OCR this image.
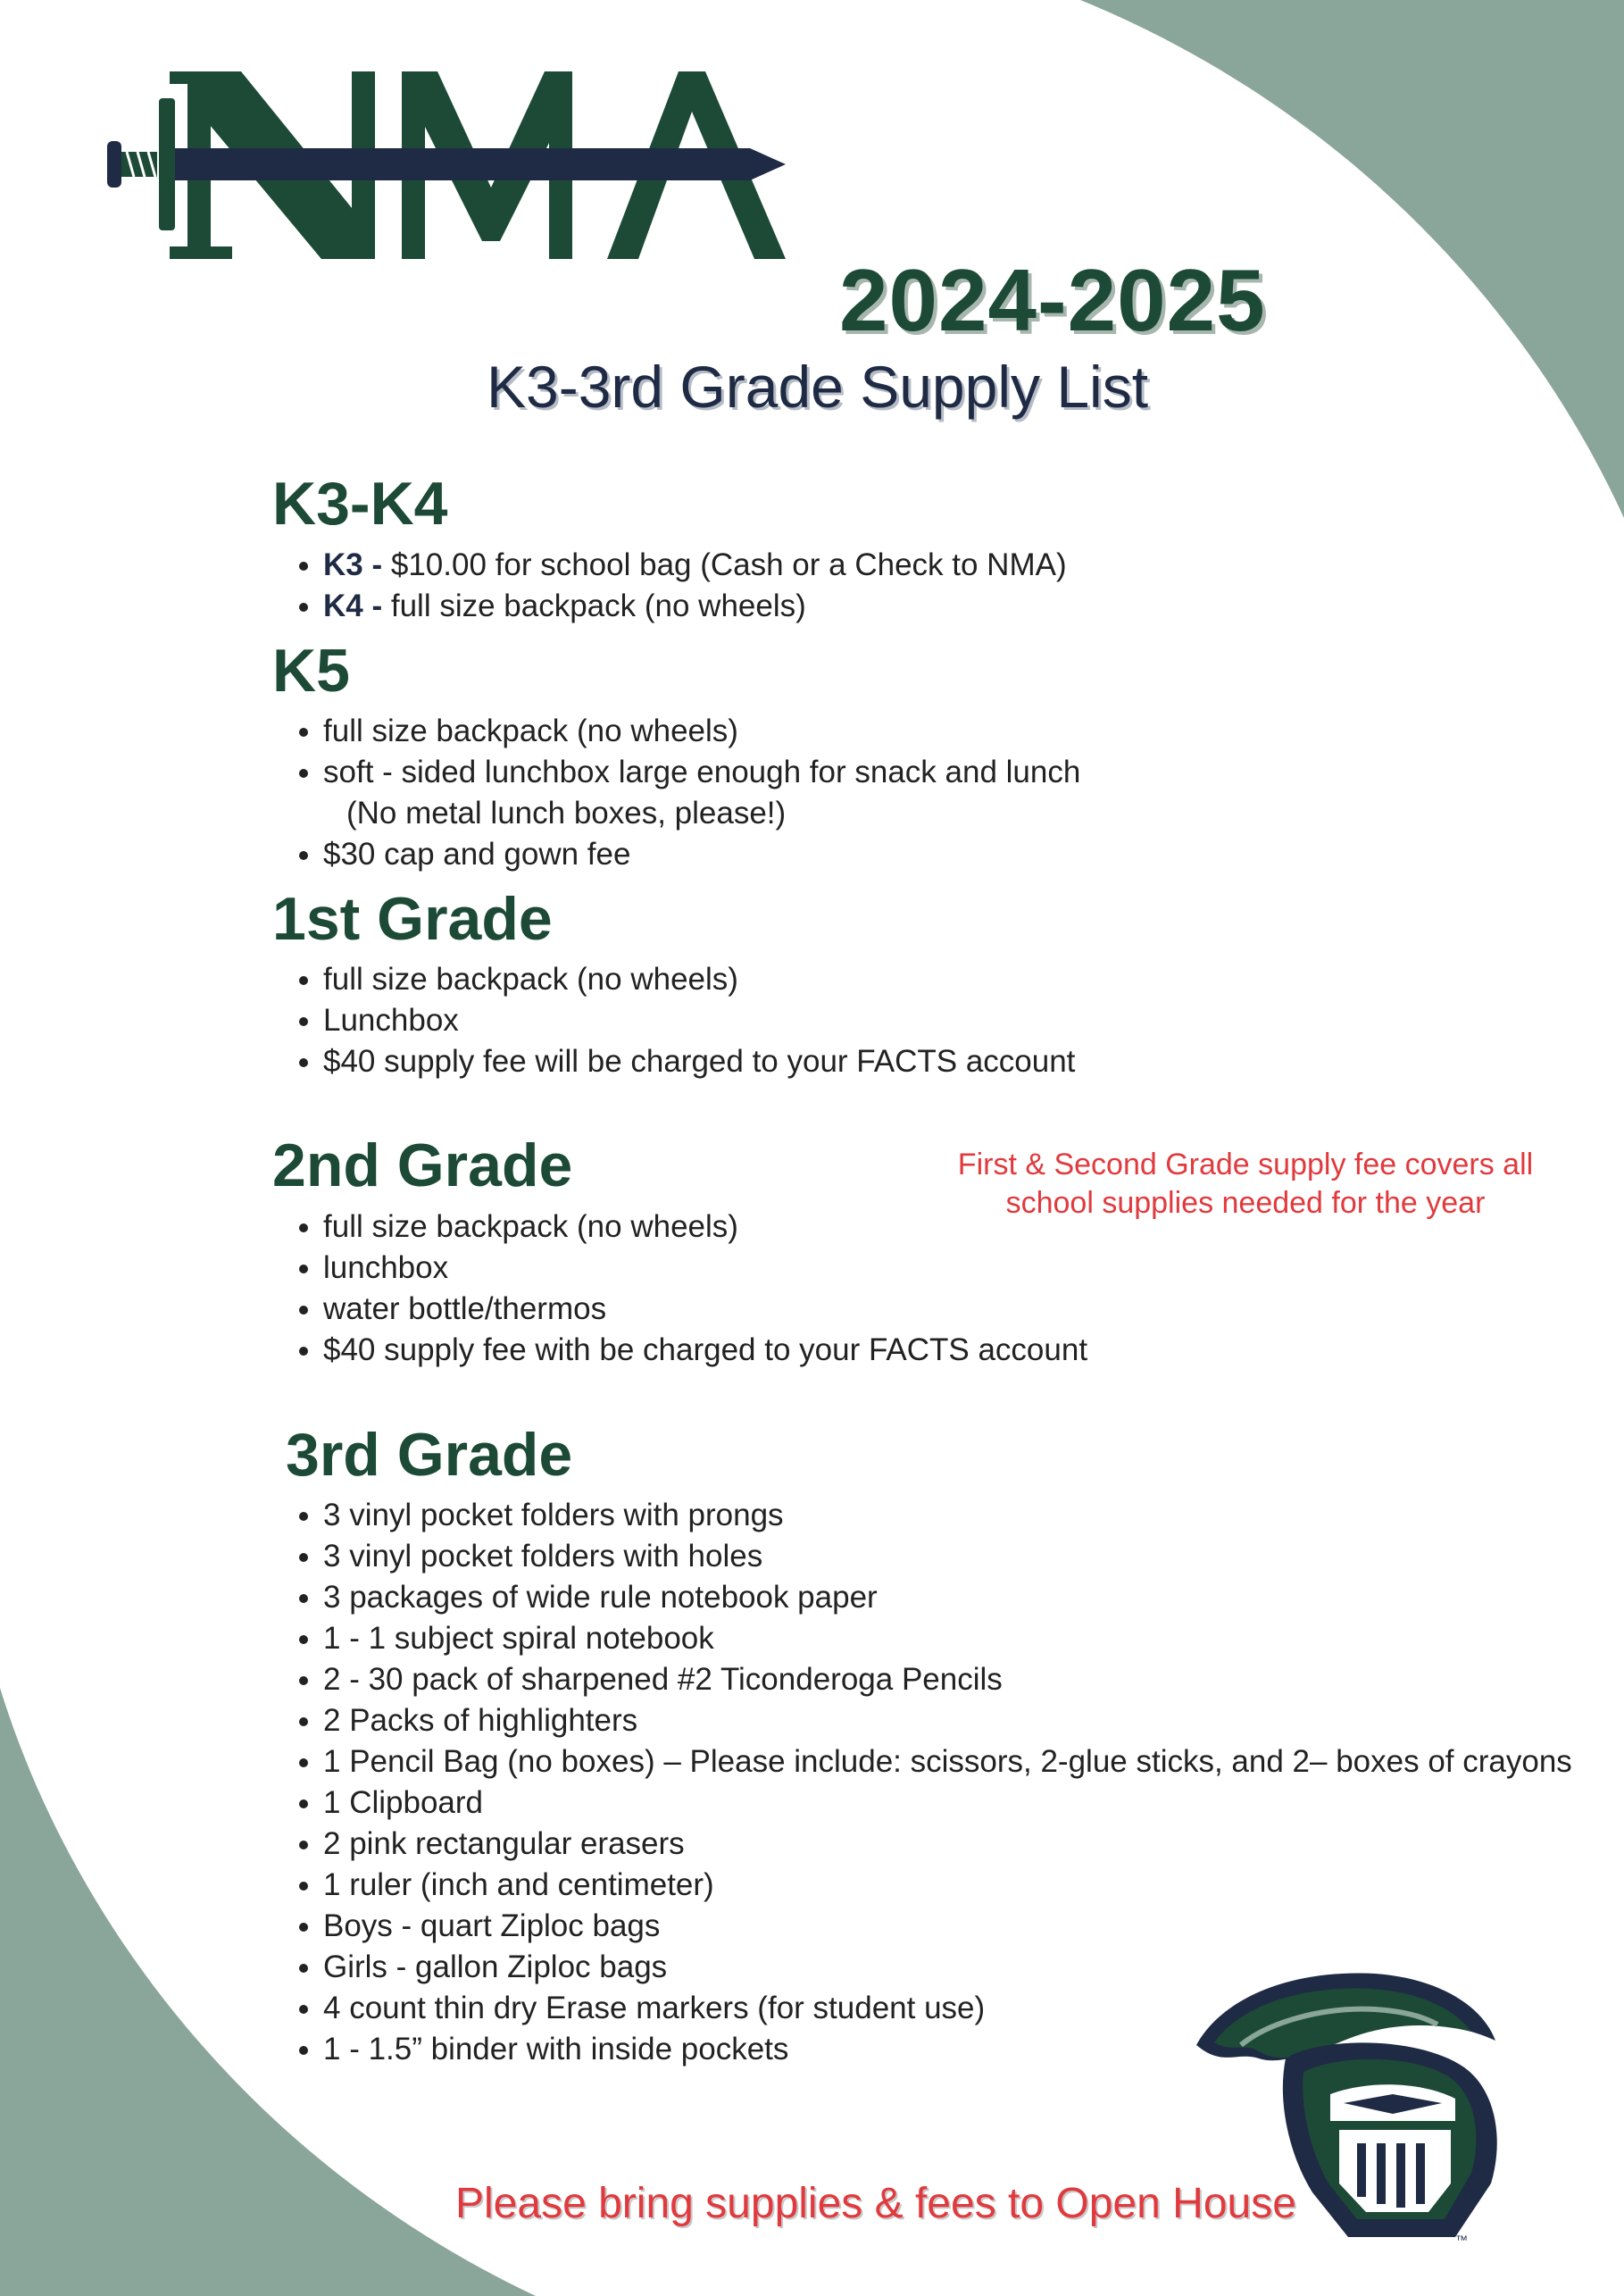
2024-2025
K3-3rd Grade Supply List
K3-K4
• K3 - $10.00 for school bag (Cash or a Check to NMA)
• K4 - full size backpack (no wheels)
K5
• full size backpack (no wheels)
• soft - sided lunchbox large enough for snack and lunch
(No metal lunch boxes, please!)
• $30 cap and gown fee
1st Grade
• full size backpack (no wheels)
• Lunchbox
• $40 supply fee will be charged to your FACTS account
2nd Grade
• full size backpack (no wheels)
• lunchbox
• water bottle/thermos
• $40 supply fee with be charged to your FACTS account
First & Second Grade supply fee covers all
school supplies needed for the year
3rd Grade
• 3 vinyl pocket folders with prongs
• 3 vinyl pocket folders with holes
• 3 packages of wide rule notebook paper
• 1 - 1 subject spiral notebook
• 2 - 30 pack of sharpened #2 Ticonderoga Pencils
• 2 Packs of highlighters
• 1 Pencil Bag (no boxes) – Please include: scissors, 2-glue sticks, and 2– boxes of crayons
• 1 Clipboard
• 2 pink rectangular erasers
• 1 ruler (inch and centimeter)
• Boys - quart Ziploc bags
• Girls - gallon Ziploc bags
• 4 count thin dry Erase markers (for student use)
• 1 - 1.5” binder with inside pockets
™
Please bring supplies & fees to Open House
